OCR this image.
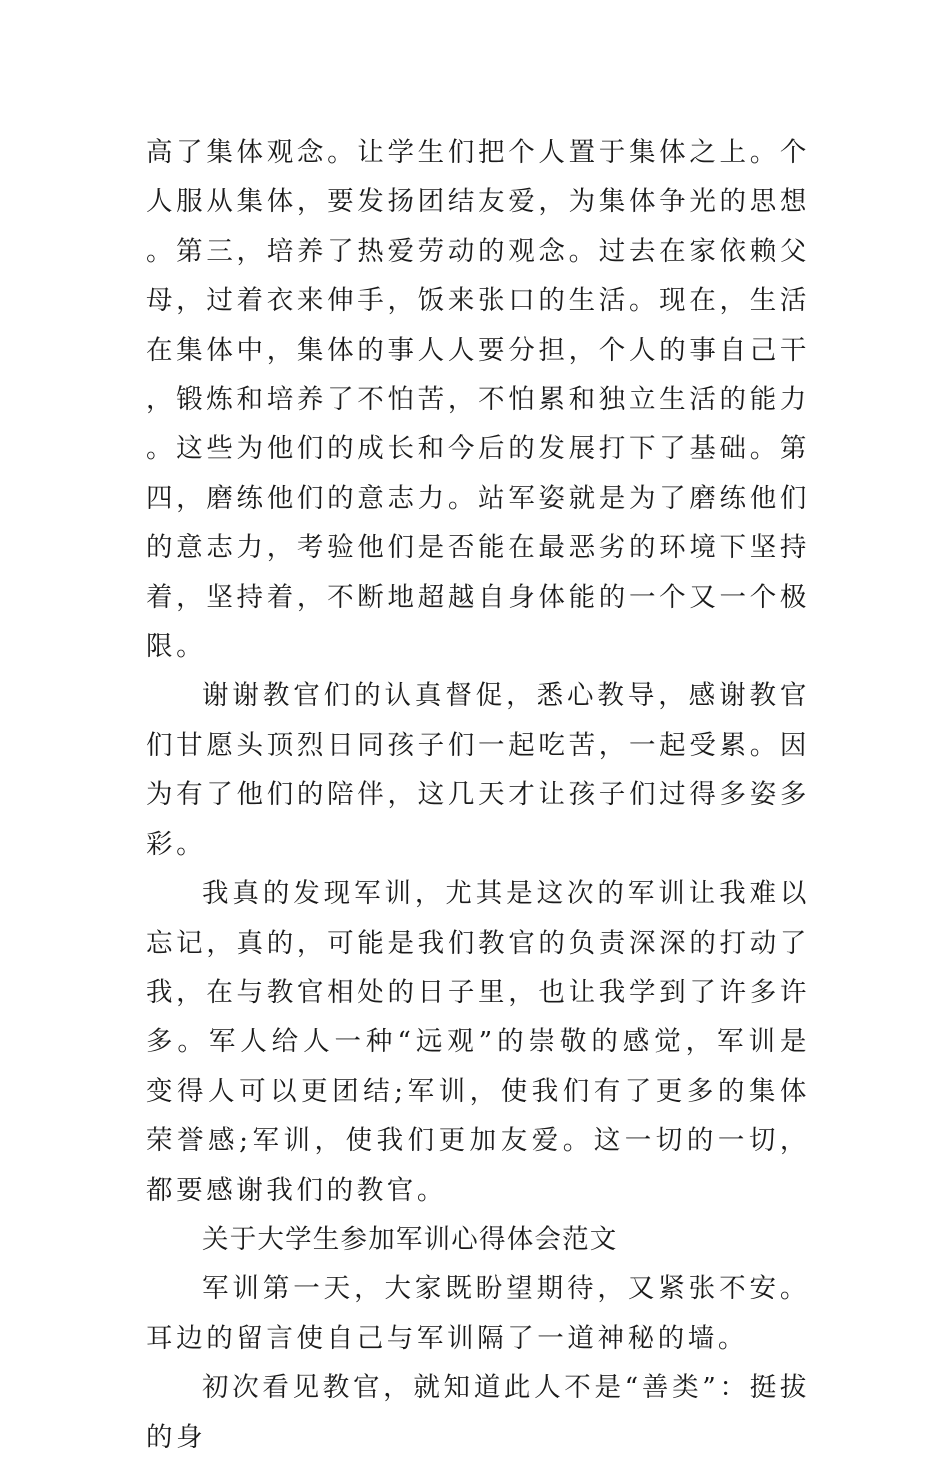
高了集体观念。让学生们把个人置于集体之上。个人服从集体，要发扬团结友爱，为集体争光的思想。第三，培养了热爱劳动的观念。过去在家依赖父母，过着衣来伸手，饭来张口的生活。现在，生活在集体中，集体的事人人要分担，个人的事自己干，锻炼和培养了不怕苦，不怕累和独立生活的能力。这些为他们的成长和今后的发展打下了基础。第四，磨练他们的意志力。站军姿就是为了磨练他们的意志力，考验他们是否能在最恶劣的环境下坚持着，坚持着，不断地超越自身体能的一个又一个极限。

谢谢教官们的认真督促，悉心教导，感谢教官们甘愿头顶烈日同孩子们一起吃苦，一起受累。因为有了他们的陪伴，这几天才让孩子们过得多姿多彩。

我真的发现军训，尤其是这次的军训让我难以忘记，真的，可能是我们教官的负责深深的打动了我，在与教官相处的日子里，也让我学到了许多许多。军人给人一种“远观”的崇敬的感觉，军训是变得人可以更团结;军训，使我们有了更多的集体荣誉感;军训，使我们更加友爱。这一切的一切，都要感谢我们的教官。

关于大学生参加军训心得体会范文

军训第一天，大家既盼望期待，又紧张不安。耳边的留言使自己与军训隔了一道神秘的墙。

初次看见教官，就知道此人不是“善类”：挺拔的身
